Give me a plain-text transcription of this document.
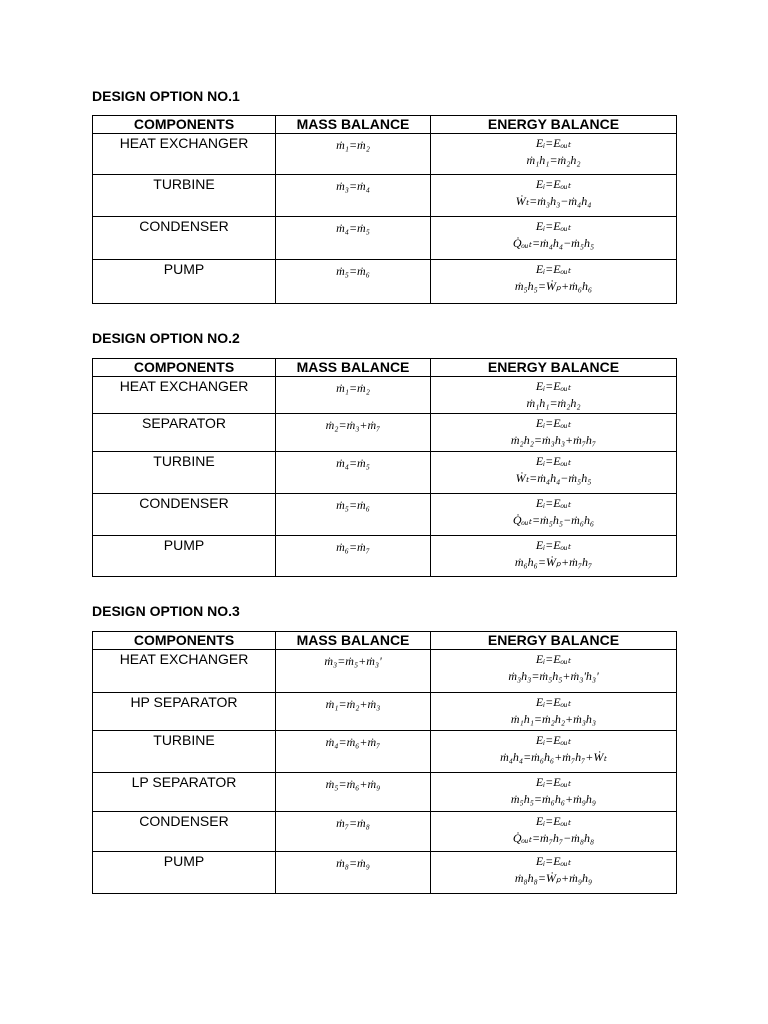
DESIGN OPTION NO.1
COMPONENTS	MASS BALANCE	ENERGY BALANCE
HEAT EXCHANGER	ṁ₁=ṁ₂	Eᵢ=Eₒᵤₜ
ṁ₁h₁=ṁ₂h₂

TURBINE	ṁ₃=ṁ₄	Eᵢ=Eₒᵤₜ
Ẇₜ=ṁ₃h₃−ṁ₄h₄

CONDENSER	ṁ₄=ṁ₅	Eᵢ=Eₒᵤₜ
Q̇ₒᵤₜ=ṁ₄h₄−ṁ₅h₅

PUMP	ṁ₅=ṁ₆	Eᵢ=Eₒᵤₜ
ṁ₅h₅=Ẇₚ+ṁ₆h₆
DESIGN OPTION NO.2
COMPONENTS	MASS BALANCE	ENERGY BALANCE
HEAT EXCHANGER	ṁ₁=ṁ₂	Eᵢ=Eₒᵤₜ
ṁ₁h₁=ṁ₂h₂

SEPARATOR	ṁ₂=ṁ₃+ṁ₇	Eᵢ=Eₒᵤₜ
ṁ₂h₂=ṁ₃h₃+ṁ₇h₇

TURBINE	ṁ₄=ṁ₅	Eᵢ=Eₒᵤₜ
Ẇₜ=ṁ₄h₄−ṁ₅h₅

CONDENSER	ṁ₅=ṁ₆	Eᵢ=Eₒᵤₜ
Q̇ₒᵤₜ=ṁ₅h₅−ṁ₆h₆

PUMP	ṁ₆=ṁ₇	Eᵢ=Eₒᵤₜ
ṁ₆h₆=Ẇₚ+ṁ₇h₇
DESIGN OPTION NO.3
COMPONENTS	MASS BALANCE	ENERGY BALANCE
HEAT EXCHANGER	ṁ₃=ṁ₅+ṁ₃'	Eᵢ=Eₒᵤₜ
ṁ₃h₃=ṁ₅h₅+ṁ₃'h₃'

HP SEPARATOR	ṁ₁=ṁ₂+ṁ₃	Eᵢ=Eₒᵤₜ
ṁ₁h₁=ṁ₂h₂+ṁ₃h₃

TURBINE	ṁ₄=ṁ₆+ṁ₇	Eᵢ=Eₒᵤₜ
ṁ₄h₄=ṁ₆h₆+ṁ₇h₇+Ẇₜ

LP SEPARATOR	ṁ₅=ṁ₆+ṁ₉	Eᵢ=Eₒᵤₜ
ṁ₅h₅=ṁ₆h₆+ṁ₉h₉

CONDENSER	ṁ₇=ṁ₈	Eᵢ=Eₒᵤₜ
Q̇ₒᵤₜ=ṁ₇h₇−ṁ₈h₈

PUMP	ṁ₈=ṁ₉	Eᵢ=Eₒᵤₜ
ṁ₈h₈=Ẇₚ+ṁ₉h₉
